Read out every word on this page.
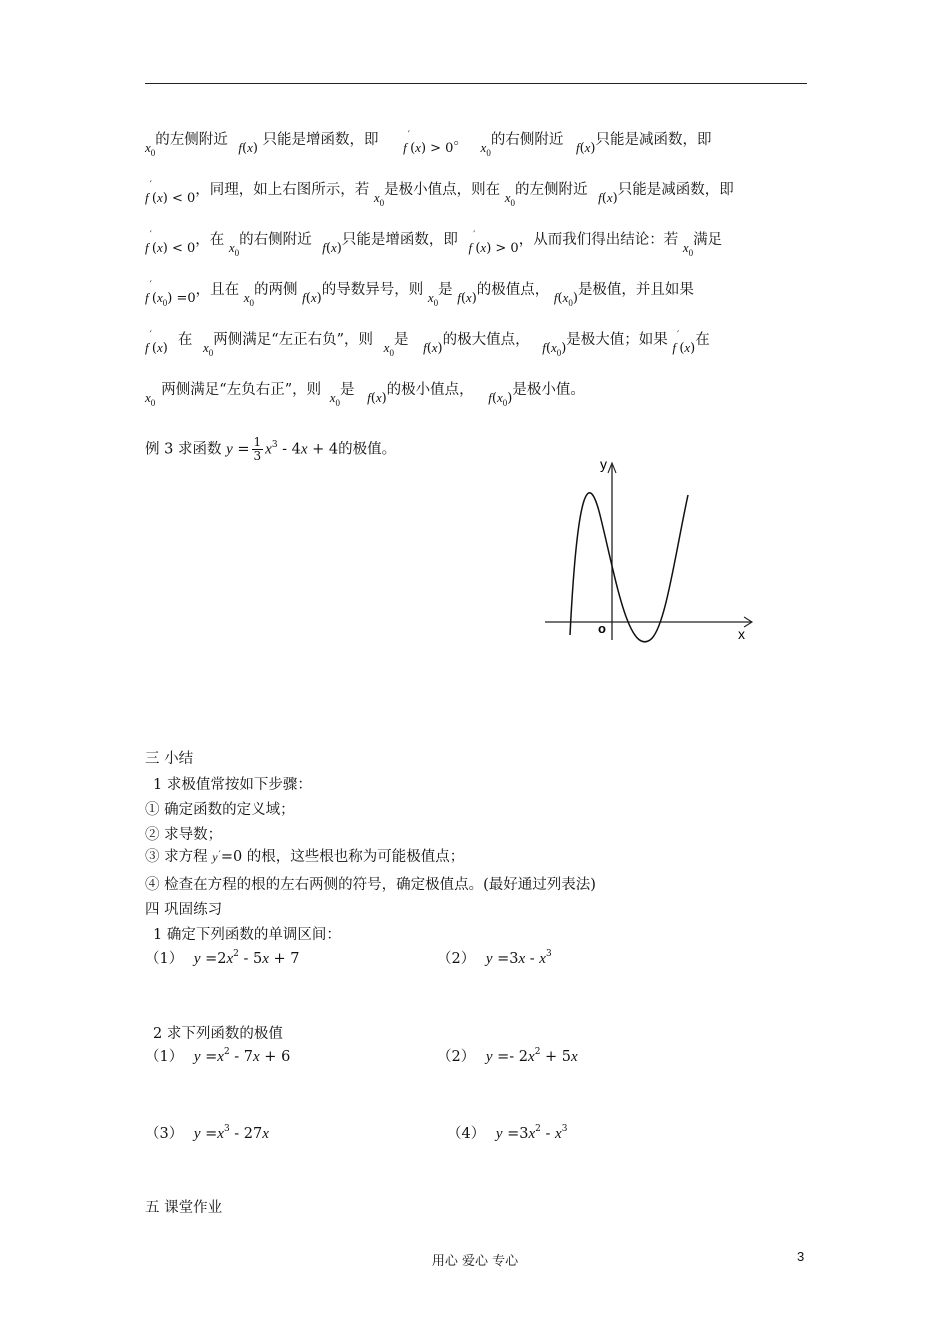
$x_0$的左侧附近 f(x) 只能是增函数，即 f′(x) > 0。 $x_0$的右侧附近 f(x)只能是减函数，即
f′(x) < 0，同理，如上右图所示，若 $x_0$是极小值点，则在 $x_0$的左侧附近 f(x)只能是减函数，即
f′(x) < 0，在 $x_0$的右侧附近 f(x)只能是增函数，即 f′(x) > 0，从而我们得出结论：若 $x_0$满足
$f'(x_0) =0$，且在 $x_0$的两侧 f(x)的导数异号，则 $x_0$是 f(x)的极值点， $f(x_0)$是极值，并且如果
f′(x)在 $x_0$两侧满足“左正右负”，则 $x_0$是 f(x)的极大值点， $f(x_0)$是极大值；如果 f′(x)在
$x_0$两侧满足“左负右正”，则 $x_0$是 f(x)的极小值点， $f(x_0)$是极小值。
例 3 求函数 $y = \frac{1}{3} x^3 - 4x + 4$的极值。
y
x
o
三 小结
1 求极值常按如下步骤：
① 确定函数的定义域；
② 求导数；
③ 求方程 y′=0 的根，这些根也称为可能极值点；
④ 检查在方程的根的左右两侧的符号，确定极值点。(最好通过列表法)
四 巩固练习
1 确定下列函数的单调区间：
（1） $y =2x^2 - 5x + 7$	（2） $y =3x - x^3$
2 求下列函数的极值
（1） $y =x^2 - 7x + 6$	（2） $y =- 2x^2 + 5x$
（3） $y =x^3 - 27x$	（4） $y =3x^2 - x^3$
五 课堂作业
用心 爱心 专心	3
